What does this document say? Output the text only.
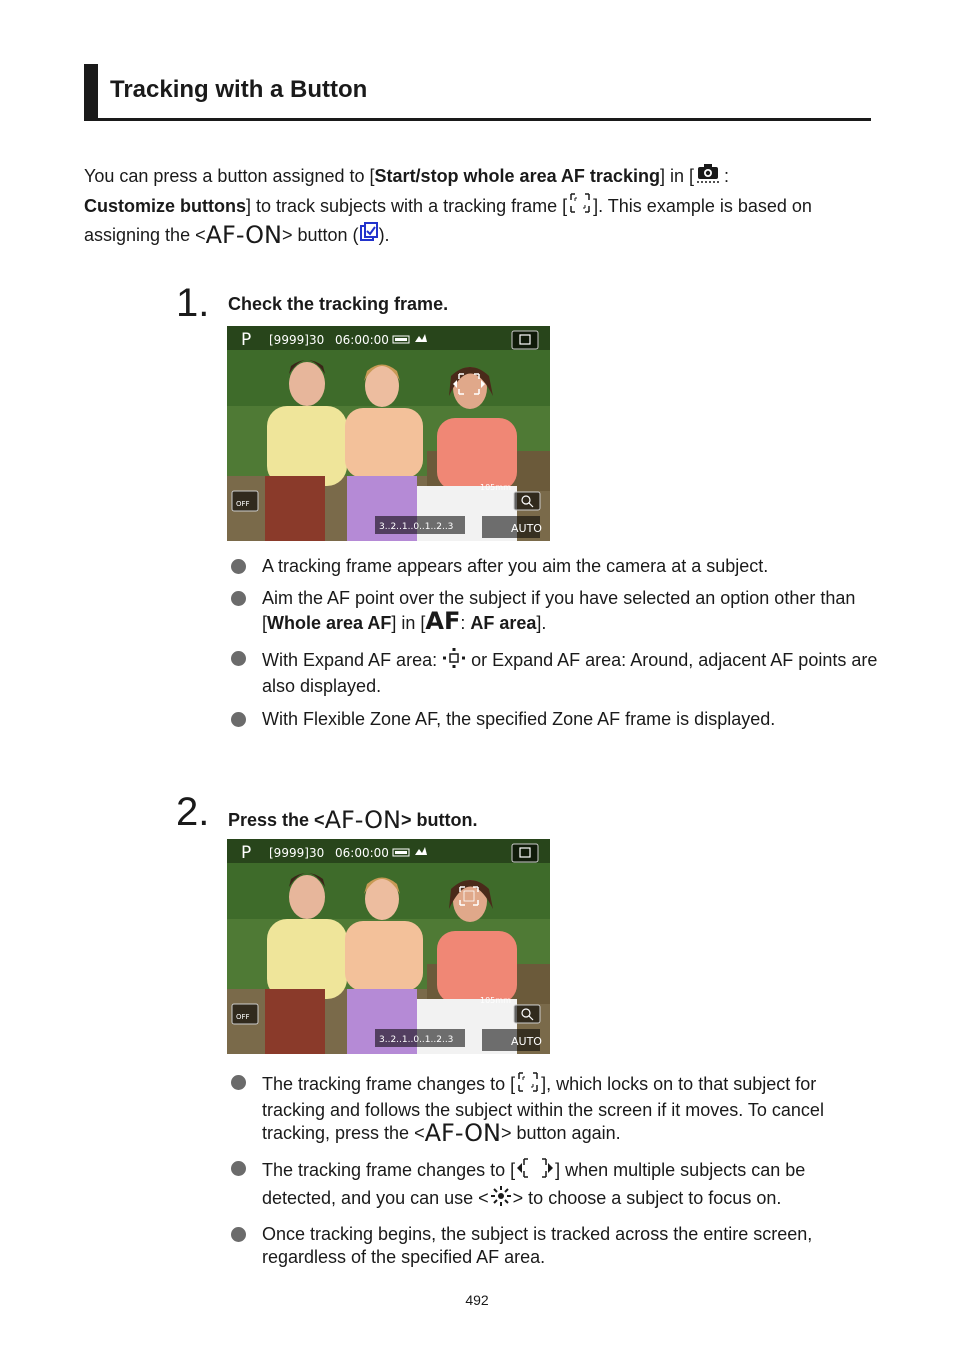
Tracking with a Button
You can press a button assigned to [Start/stop whole area AF tracking] in [ :
Customize buttons] to track subjects with a tracking frame [ ]. This example is based on
assigning the <AF-ON> button ( ).
1. Check the tracking frame.
P [9999] 30 06:00:00
OFF
105mm
3..2..1..0..1..2..3	AUTO
A tracking frame appears after you aim the camera at a subject.
Aim the AF point over the subject if you have selected an option other than [Whole area AF] in [AF: AF area].
With Expand AF area:  or Expand AF area: Around, adjacent AF points are also displayed.
With Flexible Zone AF, the specified Zone AF frame is displayed.
2. Press the <AF-ON> button.
P [9999] 30 06:00:00
OFF
105mm
3..2..1..0..1..2..3	AUTO
The tracking frame changes to [ ], which locks on to that subject for tracking and follows the subject within the screen if it moves. To cancel tracking, press the <AF-ON> button again.
The tracking frame changes to [ ] when multiple subjects can be detected, and you can use < > to choose a subject to focus on.
Once tracking begins, the subject is tracked across the entire screen, regardless of the specified AF area.
492
